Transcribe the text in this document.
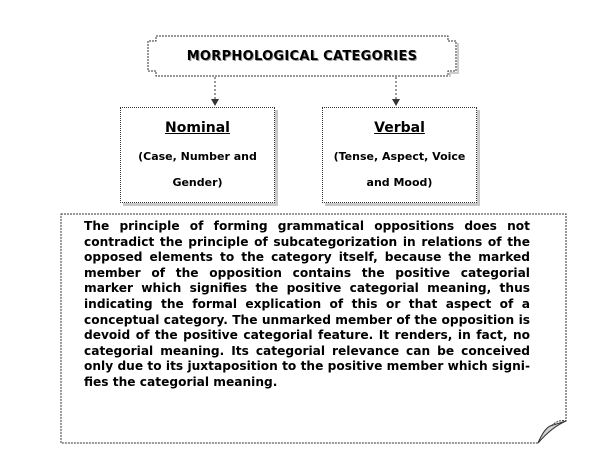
MORPHOLOGICAL CATEGORIES
Nominal
(Case, Number and Gender)
Verbal
(Tense, Aspect, Voice and Mood)
The principle of forming grammatical oppositions does not contradict the principle of subcategorization in relations of the opposed elements to the category itself, because the marked member of the opposition contains the positive categorial marker which signifies the positive categorial meaning, thus indicating the formal explication of this or that aspect of a conceptual category. The unmarked member of the opposition is devoid of the positive categorial feature. It renders, in fact, no categorial meaning. Its categorial relevance can be conceived only due to its juxtaposition to the positive member which signi-fies the categorial meaning.
